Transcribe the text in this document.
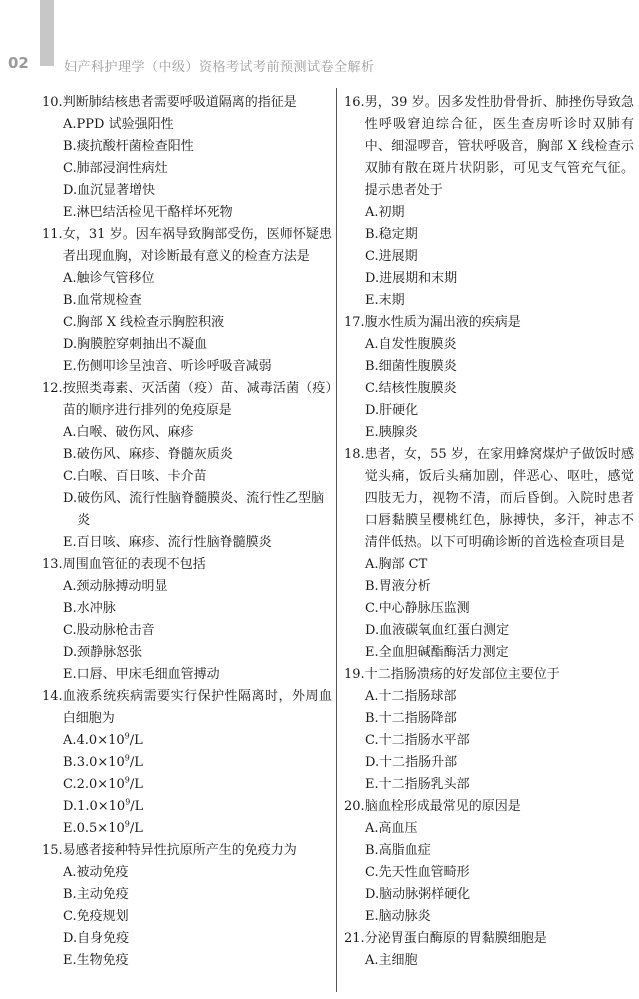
02	妇产科护理学（中级）资格考试考前预测试卷全解析
10. 判断肺结核患者需要呼吸道隔离的指征是
A. PPD 试验强阳性
B. 痰抗酸杆菌检查阳性
C. 肺部浸润性病灶
D. 血沉显著增快
E. 淋巴结活检见干酪样坏死物
11. 女，31 岁。因车祸导致胸部受伤，医师怀疑患者出现血胸，对诊断最有意义的检查方法是
A. 触诊气管移位
B. 血常规检查
C. 胸部 X 线检查示胸腔积液
D. 胸膜腔穿刺抽出不凝血
E. 伤侧叩诊呈浊音、听诊呼吸音减弱
12. 按照类毒素、灭活菌（疫）苗、减毒活菌（疫）苗的顺序进行排列的免疫原是
A. 白喉、破伤风、麻疹
B. 破伤风、麻疹、脊髓灰质炎
C. 白喉、百日咳、卡介苗
D. 破伤风、流行性脑脊髓膜炎、流行性乙型脑炎
E. 百日咳、麻疹、流行性脑脊髓膜炎
13. 周围血管征的表现不包括
A. 颈动脉搏动明显
B. 水冲脉
C. 股动脉枪击音
D. 颈静脉怒张
E. 口唇、甲床毛细血管搏动
14. 血液系统疾病需要实行保护性隔离时，外周血白细胞为
A. $4.0\times 10^9/L$
B. $3.0\times 10^9/L$
C. $2.0\times 10^9/L$
D. $1.0\times 10^9/L$
E. $0.5\times 10^9/L$
15. 易感者接种特异性抗原所产生的免疫力为
A. 被动免疫
B. 主动免疫
C. 免疫规划
D. 自身免疫
E. 生物免疫
16. 男，39 岁。因多发性肋骨骨折、肺挫伤导致急性呼吸窘迫综合征，医生查房听诊时双肺有中、细湿啰音，管状呼吸音，胸部 X 线检查示双肺有散在斑片状阴影，可见支气管充气征。提示患者处于
A. 初期
B. 稳定期
C. 进展期
D. 进展期和末期
E. 末期
17. 腹水性质为漏出液的疾病是
A. 自发性腹膜炎
B. 细菌性腹膜炎
C. 结核性腹膜炎
D. 肝硬化
E. 胰腺炎
18. 患者，女，55 岁，在家用蜂窝煤炉子做饭时感觉头痛，饭后头痛加剧，伴恶心、呕吐，感觉四肢无力，视物不清，而后昏倒。入院时患者口唇黏膜呈樱桃红色，脉搏快，多汗，神志不清伴低热。以下可明确诊断的首选检查项目是
A. 胸部 CT
B. 胃液分析
C. 中心静脉压监测
D. 血液碳氧血红蛋白测定
E. 全血胆碱酯酶活力测定
19. 十二指肠溃疡的好发部位主要位于
A. 十二指肠球部
B. 十二指肠降部
C. 十二指肠水平部
D. 十二指肠升部
E. 十二指肠乳头部
20. 脑血栓形成最常见的原因是
A. 高血压
B. 高脂血症
C. 先天性血管畸形
D. 脑动脉粥样硬化
E. 脑动脉炎
21. 分泌胃蛋白酶原的胃黏膜细胞是
A. 主细胞
